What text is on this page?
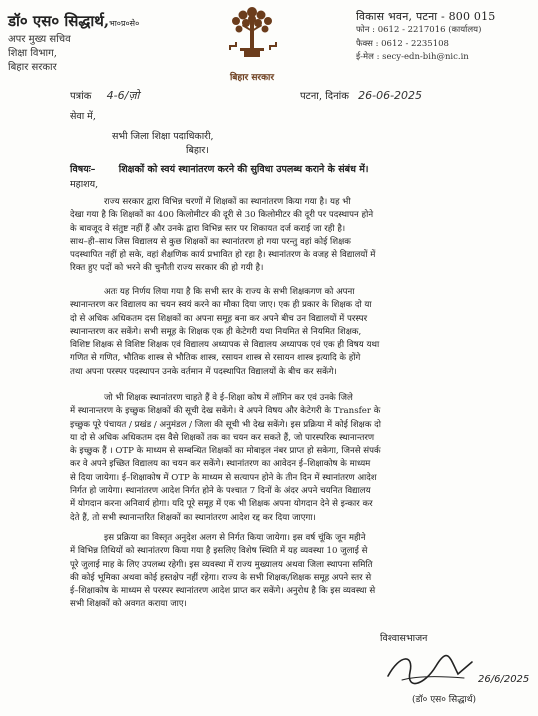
डॉ० एस० सिद्धार्थ,भा०प्र०से०
अपर मुख्य सचिव
शिक्षा विभाग,
बिहार सरकार
बिहार सरकार
विकास भवन, पटना - 800 015
फोन : 0612 - 2217016 (कार्यालय)
फैक्स : 0612 - 2235108
ई-मेल : secy-edn-bih@nic.in
पत्रांक 4-6/ज़ो	पटना, दिनांक 26-06-2025
सेवा में,
सभी जिला शिक्षा पदाधिकारी,
बिहार।
विषयः– शिक्षकों को स्वयं स्थानांतरण करने की सुविधा उपलब्ध कराने के संबंध में।
महाशय,
राज्य सरकार द्वारा विभिन्न चरणों में शिक्षकों का स्थानांतरण किया गया है। यह भी
देखा गया है कि शिक्षकों का 400 किलोमीटर की दूरी से 30 किलोमीटर की दूरी पर पदस्थापन होने
के बावजूद वे संतुष्ट नहीं हैं और उनके द्वारा विभिन्न स्तर पर शिकायत दर्ज कराई जा रही है।
साथ–ही–साथ जिस विद्यालय से कुछ शिक्षकों का स्थानांतरण हो गया परन्तु वहां कोई शिक्षक
पदस्थापित नहीं हो सके, वहां शैक्षणिक कार्य प्रभावित हो रहा है। स्थानांतरण के वजह से विद्यालयों में
रिक्त हुए पदों को भरने की चुनौती राज्य सरकार की हो गयी है।
अतः यह निर्णय लिया गया है कि सभी स्तर के राज्य के सभी शिक्षकगण को अपना
स्थानान्तरण कर विद्यालय का चयन स्वयं करने का मौका दिया जाए। एक ही प्रकार के शिक्षक दो या
दो से अधिक अधिकतम दस शिक्षकों का अपना समूह बना कर अपने बीच उन विद्यालयों में परस्पर
स्थानान्तरण कर सकेंगे। सभी समूह के शिक्षक एक ही केटेगरी यथा नियमित से नियमित शिक्षक,
विशिष्ट शिक्षक से विशिष्ट शिक्षक एवं विद्यालय अध्यापक से विद्यालय अध्यापक एवं एक ही विषय यथा
गणित से गणित, भौतिक शास्त्र से भौतिक शास्त्र, रसायन शास्त्र से रसायन शास्त्र इत्यादि के होंगे
तथा अपना परस्पर पदस्थापन उनके वर्तमान में पदस्थापित विद्यालयों के बीच कर सकेंगे।
जो भी शिक्षक स्थानांतरण चाहते हैं वे ई–शिक्षा कोष में लॉगिन कर एवं उनके जिले
में स्थानान्तरण के इच्छुक शिक्षकों की सूची देख सकेंगे। वे अपने विषय और केटेगरी के Transfer के
इच्छुक पूरे पंचायत / प्रखंड / अनुमंडल / जिला की सूची भी देख सकेंगे। इस प्रक्रिया में कोई शिक्षक दो
या दो से अधिक अधिकतम दस वैसे शिक्षकों तक का चयन कर सकते हैं, जो पारस्परिक स्थानान्तरण
के इच्छुक हैं । OTP के माध्यम से सम्बन्धित शिक्षकों का मोबाइल नंबर प्राप्त हो सकेगा, जिनसे संपर्क
कर वे अपने इच्छित विद्यालय का चयन कर सकेंगे। स्थानांतरण का आवेदन ई–शिक्षाकोष के माध्यम
से दिया जायेगा। ई–शिक्षाकोष में OTP के माध्यम से सत्यापन होने के तीन दिन में स्थानांतरण आदेश
निर्गत हो जायेगा। स्थानांतरण आदेश निर्गत होने के पश्चात 7 दिनों के अंदर अपने चयनित विद्यालय
में योगदान करना अनिवार्य होगा। यदि पूरे समूह में एक भी शिक्षक अपना योगदान देने से इन्कार कर
देते हैं, तो सभी स्थानान्तरित शिक्षकों का स्थानांतरण आदेश रद्द कर दिया जाएगा।
इस प्रक्रिया का विस्तृत अनुदेश अलग से निर्गत किया जायेगा। इस वर्ष चूंकि जून महीने
में विभिन्न तिथियों को स्थानांतरण किया गया है इसलिए विशेष स्थिति में यह व्यवस्था 10 जुलाई से
पूरे जुलाई माह के लिए उपलब्ध रहेगी। इस व्यवस्था में राज्य मुख्यालय अथवा जिला स्थापना समिति
की कोई भूमिका अथवा कोई हस्तक्षेप नहीं रहेगा। राज्य के सभी शिक्षक/शिक्षक समूह अपने स्तर से
ई–शिक्षाकोष के माध्यम से परस्पर स्थानांतरण आदेश प्राप्त कर सकेंगे। अनुरोध है कि इस व्यवस्था से
सभी शिक्षकों को अवगत कराया जाए।
विश्वासभाजन
26/6/2025
(डॉ० एस० सिद्धार्थ)
